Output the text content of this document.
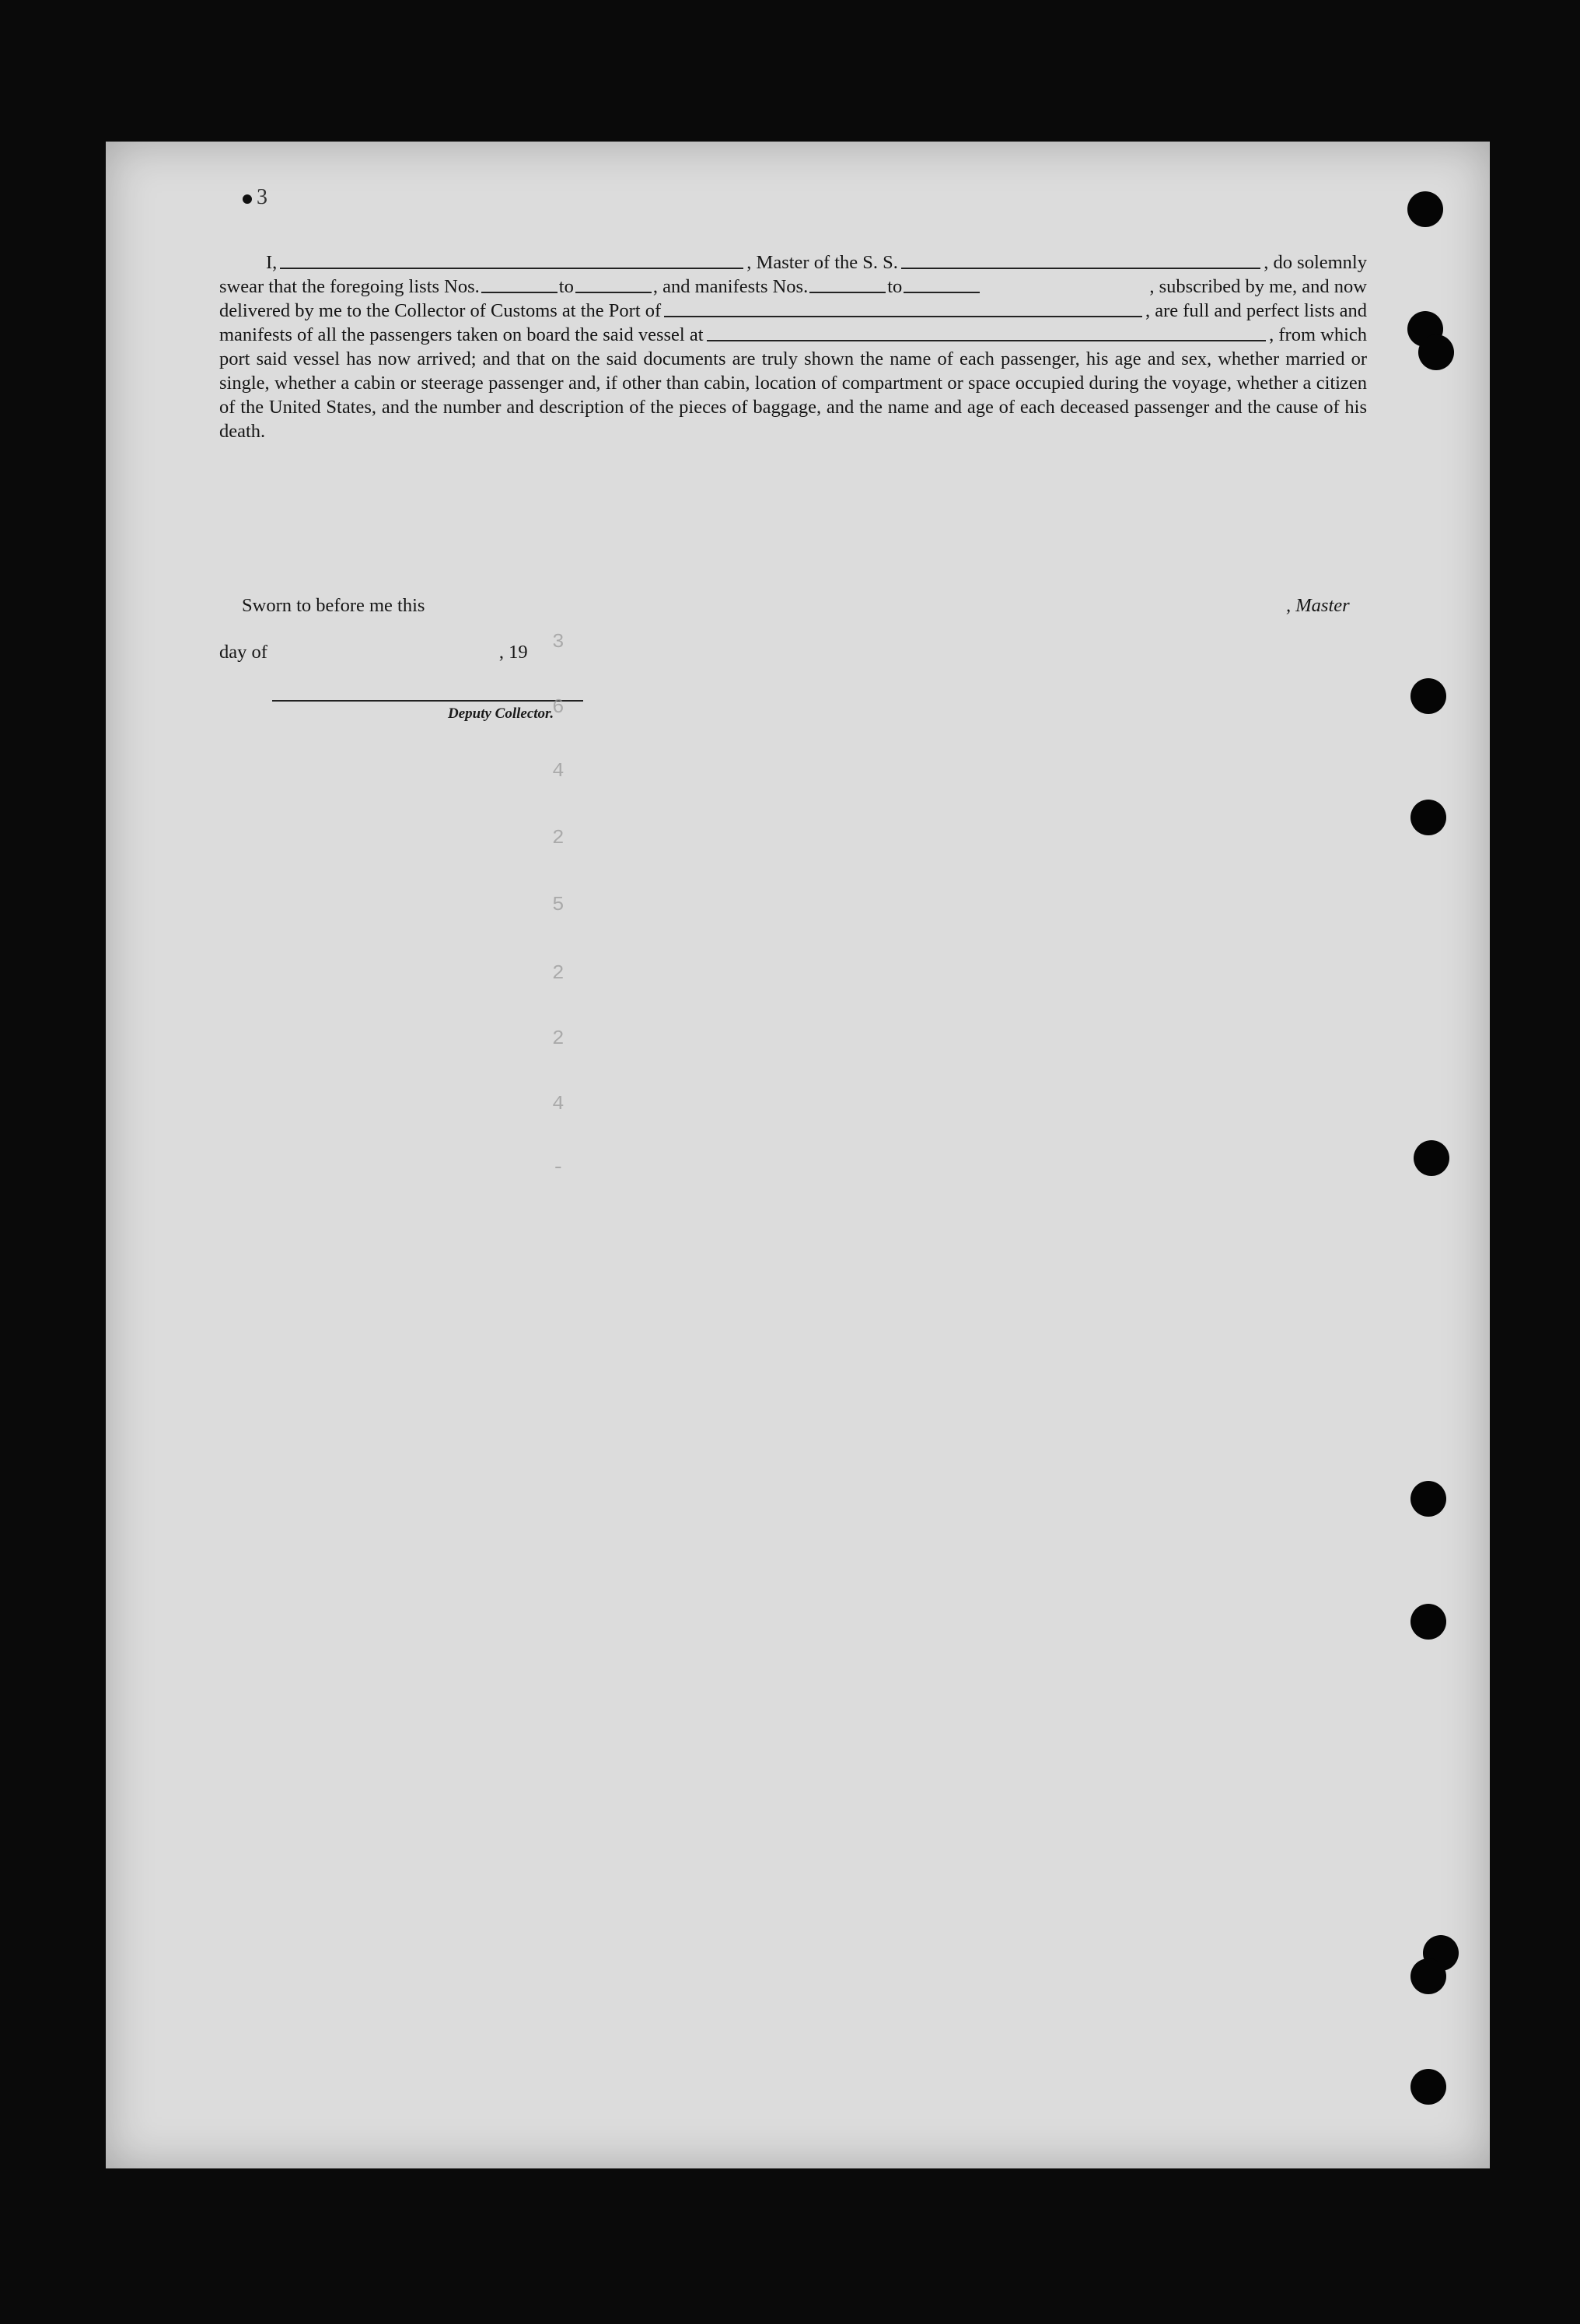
3
I,	, Master of the S. S.	, do solemnly
swear that the foregoing lists Nos.	to	, and manifests Nos.	to	, subscribed by me, and now
delivered by me to the Collector of Customs at the Port of	, are full and perfect lists and
manifests of all the passengers taken on board the said vessel at	, from which
port said vessel has now arrived; and that on the said documents are truly shown the name of each passenger, his age and sex, whether married or single, whether a cabin or steerage passenger and, if other than cabin, location of compartment or space occupied during the voyage, whether a citizen of the United States, and the number and description of the pieces of baggage, and the name and age of each deceased passenger and the cause of his death.
Sworn to before me this	, Master
day of	, 19
Deputy Collector.
3
6
4
2
5
2
2
4
-
